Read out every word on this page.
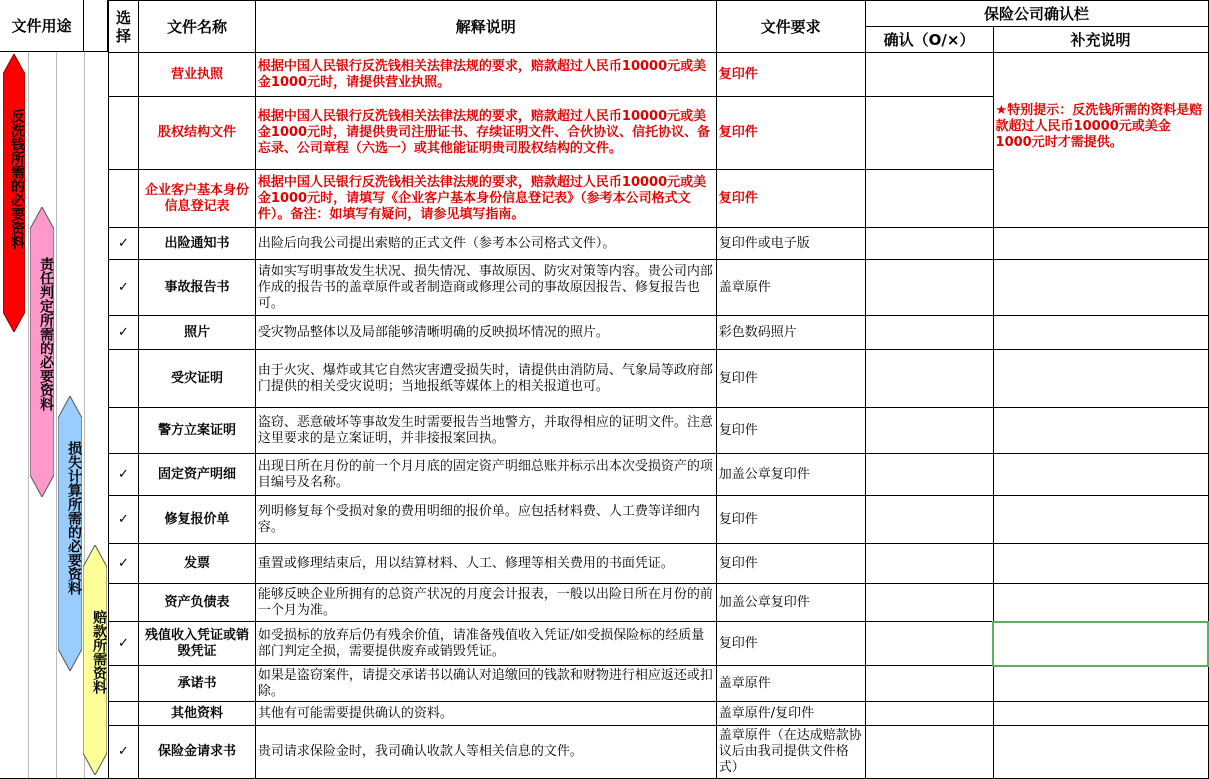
文件用途
反洗钱所需的必要资料
责任判定所需的必要资料
损失计算所需的必要资料
赔款所需资料
选择	文件名称	解释说明	文件要求	保险公司确认栏	
				确认（O/×）	补充说明
	营业执照	根据中国人民银行反洗钱相关法律法规的要求，赔款超过人民币10000元或美金1000元时，请提供营业执照。	复印件		★特别提示：反洗钱所需的资料是赔款超过人民币10000元或美金1000元时才需提供。
	股权结构文件	根据中国人民银行反洗钱相关法律法规的要求，赔款超过人民币10000元或美金1000元时，请提供贵司注册证书、存续证明文件、合伙协议、信托协议、备忘录、公司章程（六选一）或其他能证明贵司股权结构的文件。	复印件		
	企业客户基本身份信息登记表	根据中国人民银行反洗钱相关法律法规的要求，赔款超过人民币10000元或美金1000元时，请填写《企业客户基本身份信息登记表》（参考本公司格式文件）。备注：如填写有疑问，请参见填写指南。	复印件		
✓	出险通知书	出险后向我公司提出索赔的正式文件（参考本公司格式文件）。	复印件或电子版		
✓	事故报告书	请如实写明事故发生状况、损失情况、事故原因、防灾对策等内容。贵公司内部作成的报告书的盖章原件或者制造商或修理公司的事故原因报告、修复报告也可。	盖章原件		
✓	照片	受灾物品整体以及局部能够清晰明确的反映损坏情况的照片。	彩色数码照片		
	受灾证明	由于火灾、爆炸或其它自然灾害遭受损失时，请提供由消防局、气象局等政府部门提供的相关受灾说明；当地报纸等媒体上的相关报道也可。	复印件		
	警方立案证明	盗窃、恶意破坏等事故发生时需要报告当地警方，并取得相应的证明文件。注意这里要求的是立案证明，并非接报案回执。	复印件		
✓	固定资产明细	出现日所在月份的前一个月月底的固定资产明细总账并标示出本次受损资产的项目编号及名称。	加盖公章复印件		
✓	修复报价单	列明修复每个受损对象的费用明细的报价单。应包括材料费、人工费等详细内容。	复印件		
✓	发票	重置或修理结束后，用以结算材料、人工、修理等相关费用的书面凭证。	复印件		
	资产负债表	能够反映企业所拥有的总资产状况的月度会计报表，一般以出险日所在月份的前一个月为准。	加盖公章复印件		
✓	残值收入凭证或销毁凭证	如受损标的放弃后仍有残余价值，请准备残值收入凭证/如受损保险标的经质量部门判定全损，需要提供废弃或销毁凭证。	复印件		
	承诺书	如果是盗窃案件，请提交承诺书以确认对追缴回的钱款和财物进行相应返还或扣除。	盖章原件		
	其他资料	其他有可能需要提供确认的资料。	盖章原件/复印件		
✓	保险金请求书	贵司请求保险金时，我司确认收款人等相关信息的文件。	盖章原件（在达成赔款协议后由我司提供文件格式）		
